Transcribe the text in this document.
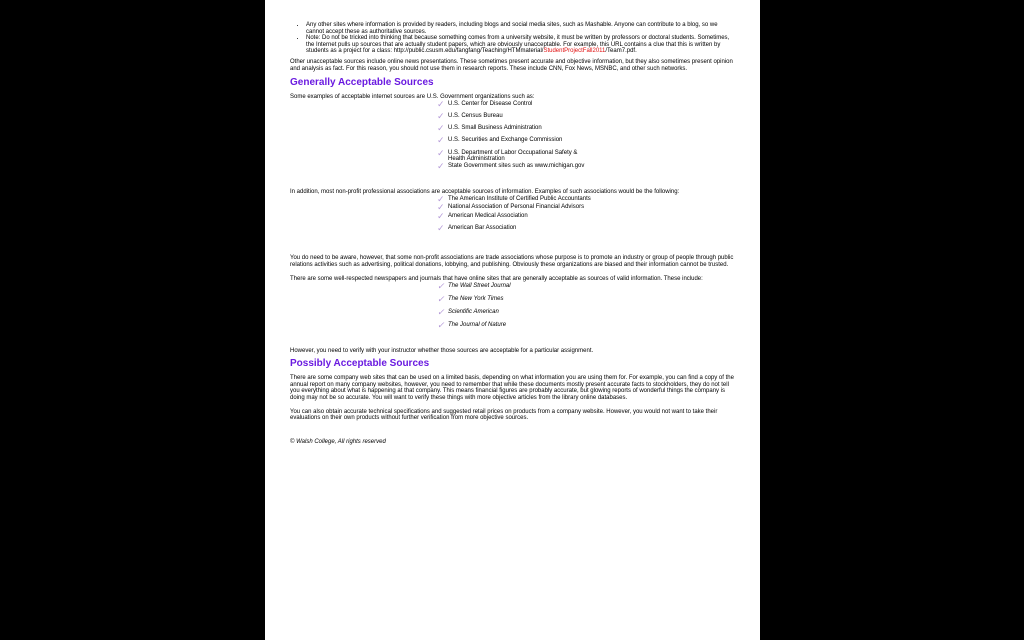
• Any other sites where information is provided by readers, including blogs and social media sites, such as Mashable. Anyone can contribute to a blog, so we cannot accept these as authoritative sources.
• Note: Do not be tricked into thinking that because something comes from a university website, it must be written by professors or doctoral students. Sometimes, the Internet pulls up sources that are actually student papers, which are obviously unacceptable. For example, this URL contains a clue that this is written by students as a project for a class: http://public.csusm.edu/fangfang/Teaching/HTMmaterial/StudentProjectFall2011/Team7.pdf.

Other unacceptable sources include online news presentations. These sometimes present accurate and objective information, but they also sometimes present opinion and analysis as fact. For this reason, you should not use them in research reports. These include CNN, Fox News, MSNBC, and other such networks.

Generally Acceptable Sources

Some examples of acceptable internet sources are U.S. Government organizations such as:

✓ U.S. Center for Disease Control
✓ U.S. Census Bureau
✓ U.S. Small Business Administration
✓ U.S. Securities and Exchange Commission
✓ U.S. Department of Labor Occupational Safety & Health Administration
✓ State Government sites such as www.michigan.gov

In addition, most non-profit professional associations are acceptable sources of information. Examples of such associations would be the following:

✓ The American Institute of Certified Public Accountants
✓ National Association of Personal Financial Advisors
✓ American Medical Association
✓ American Bar Association

You do need to be aware, however, that some non-profit associations are trade associations whose purpose is to promote an industry or group of people through public relations activities such as advertising, political donations, lobbying, and publishing. Obviously these organizations are biased and their information cannot be trusted.

There are some well-respected newspapers and journals that have online sites that are generally acceptable as sources of valid information. These include:

✓ The Wall Street Journal
✓ The New York Times
✓ Scientific American
✓ The Journal of Nature

However, you need to verify with your instructor whether those sources are acceptable for a particular assignment.

Possibly Acceptable Sources

There are some company web sites that can be used on a limited basis, depending on what information you are using them for. For example, you can find a copy of the annual report on many company websites, however, you need to remember that while these documents mostly present accurate facts to stockholders, they do not tell you everything about what is happening at that company. This means financial figures are probably accurate, but glowing reports of wonderful things the company is doing may not be so accurate. You will want to verify these things with more objective articles from the library online databases.

You can also obtain accurate technical specifications and suggested retail prices on products from a company website. However, you would not want to take their evaluations on their own products without further verification from more objective sources.

© Walsh College, All rights reserved
